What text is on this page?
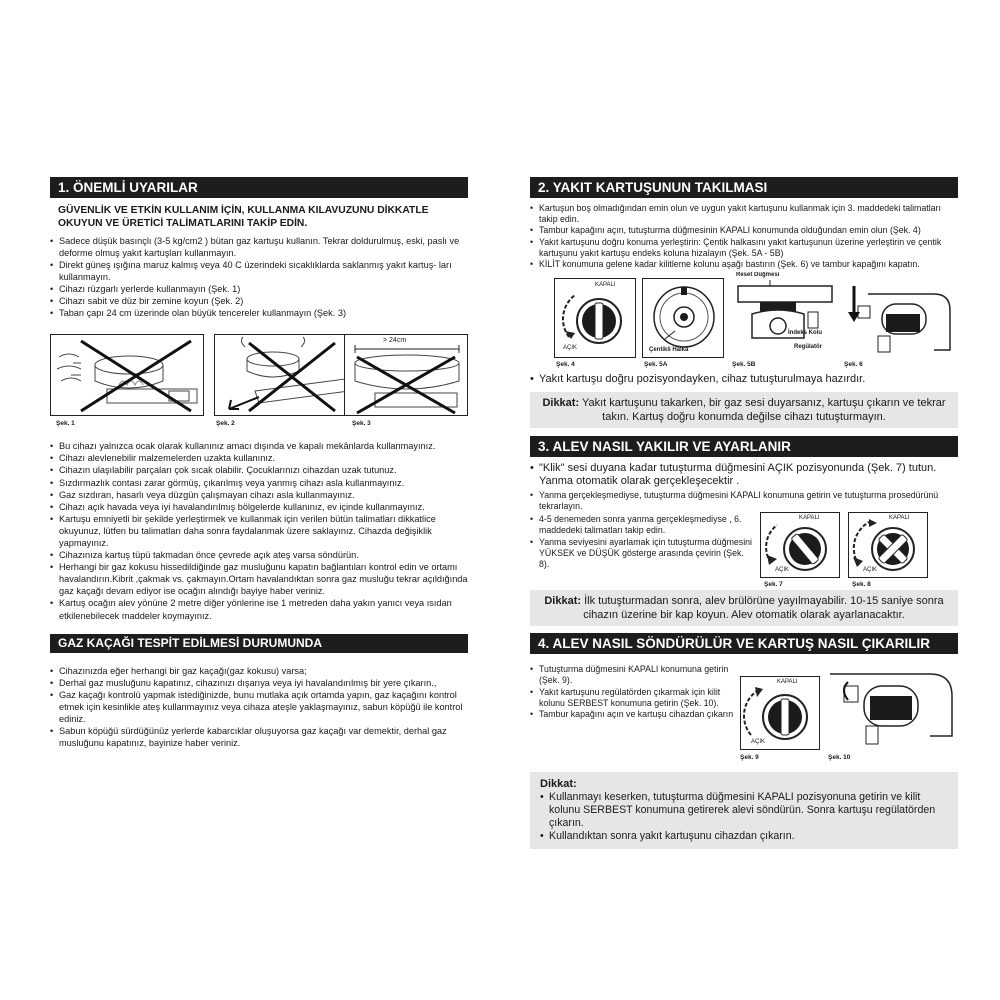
1. ÖNEMLİ UYARILAR
GÜVENLİK VE ETKİN KULLANIM İÇİN, KULLANMA KILAVUZUNU DİKKATLE
OKUYUN VE ÜRETİCİ TALİMATLARINI TAKİP EDİN.
• Sadece düşük basınçlı (3-5 kg/cm2 ) bütan gaz kartuşu kullanın. Tekrar doldurulmuş, eski, paslı ve deforme olmuş yakıt kartuşları kullanmayın.
• Direkt güneş ışığına maruz kalmış veya 40 C üzerindeki sıcaklıklarda saklanmış yakıt kartuş- ları kullanmayın.
• Cihazı rüzgarlı yerlerde kullanmayın (Şek. 1)
• Cihazı sabit ve düz bir zemine koyun (Şek. 2)
• Taban çapı 24 cm üzerinde olan büyük tencereler kullanmayın (Şek. 3)
> 24cm
Şek. 1	Şek. 2	Şek. 3
• Bu cihazı yalnızca ocak olarak kullanınız amacı dışında ve kapalı mekânlarda kullanmayınız.
• Cihazı alevlenebilir malzemelerden uzakta kullanınız.
• Cihazın ulaşılabilir parçaları çok sıcak olabilir. Çocuklarınızı cihazdan uzak tutunuz.
• Sızdırmazlık contası zarar görmüş, çıkarılmış veya yanmış cihazı asla kullanmayınız.
• Gaz sızdıran, hasarlı veya düzgün çalışmayan cihazı asla kullanmayınız.
• Cihazı açık havada veya iyi havalandırılmış bölgelerde kullanınız, ev içinde kullanmayınız.
• Kartuşu emniyetli bir şekilde yerleştirmek ve kullanmak için verilen bütün talimatları dikkatlice okuyunuz, lütfen bu talimatları daha sonra faydalanmak üzere saklayınız. Cihazda değişiklik yapmayınız.
• Cihazınıza kartuş tüpü takmadan önce çevrede açık ateş varsa söndürün.
• Herhangi bir gaz kokusu hissedildiğinde gaz musluğunu kapatın bağlantıları kontrol edin ve ortamı havalandırın.Kibrit ,çakmak vs. çakmayın.Ortam havalandıktan sonra gaz musluğu tekrar açıldığında gaz kaçağı devam ediyor ise ocağın alındığı bayiye haber veriniz.
• Kartuş ocağın alev yönüne 2 metre diğer yönlerine ise 1 metreden daha yakın yanıcı veya ısıdan etkilenebilecek maddeler koymayınız.
GAZ KAÇAĞI TESPİT EDİLMESİ DURUMUNDA
• Cihazınızda eğer herhangi bir gaz kaçağı(gaz kokusu) varsa;
• Derhal gaz musluğunu kapatınız, cihazınızı dışarıya veya iyi havalandırılmış bir yere çıkarın.,
• Gaz kaçağı kontrolü yapmak istediğinizde, bunu mutlaka açık ortamda yapın, gaz kaçağını kontrol etmek için kesinlikle ateş kullanmayınız veya cihaza ateşle yaklaşmayınız, sabun köpüğü ile kontrol ediniz.
• Sabun köpüğü sürdüğünüz yerlerde kabarcıklar oluşuyorsa gaz kaçağı var demektir, derhal gaz musluğunu kapatınız, bayinize haber veriniz.
2. YAKIT KARTUŞUNUN TAKILMASI
• Kartuşun boş olmadığından emin olun ve uygun yakıt kartuşunu kullanmak için 3. maddedeki talimatları takip edin.
• Tambur kapağını açın, tutuşturma düğmesinin KAPALI konumunda olduğundan emin olun (Şek. 4)
• Yakıt kartuşunu doğru konuma yerleştirin: Çentik halkasını yakıt kartuşunun üzerine yerleştirin ve çentik kartuşunu yakıt kartuşu endeks koluna hizalayın (Şek. 5A - 5B)
• KİLİT konumuna gelene kadar kilitleme kolunu aşağı bastırın (Şek. 6) ve tambur kapağını kapatın.
KAPALI
AÇIK	Çentikli Halka
Reset Düğmesi
İndeks Kolu
Regülatör
Şek. 4	Şek. 5A	Şek. 5B	Şek. 6
• Yakıt kartuşu doğru pozisyondayken, cihaz tutuşturulmaya hazırdır.
Dikkat: Yakıt kartuşunu takarken, bir gaz sesi duyarsanız, kartuşu çıkarın ve tekrar
takın. Kartuş doğru konumda değilse cihazı tutuşturmayın.
3. ALEV NASIL YAKILIR VE AYARLANIR
• "Klik" sesi duyana kadar tutuşturma düğmesini AÇIK pozisyonunda (Şek. 7) tutun. Yanma otomatik olarak gerçekleşecektir .
• Yanma gerçekleşmediyse, tutuşturma düğmesini KAPALI konumuna getirin ve tutuşturma prosedürünü tekrarlayın.
• 4-5 denemeden sonra yanma gerçekleşmediyse , 6. maddedeki talimatları takip edin.
• Yanma seviyesini ayarlamak için tutuşturma düğmesini YÜKSEK ve DÜŞÜK gösterge arasında çevirin (Şek. 8).
KAPALI
AÇIK
KAPALI
AÇIK
Şek. 7	Şek. 8
Dikkat: İlk tutuşturmadan sonra, alev brülörüne yayılmayabilir. 10-15 saniye sonra
cihazın üzerine bir kap koyun. Alev otomatik olarak ayarlanacaktır.
4. ALEV NASIL SÖNDÜRÜLÜR VE KARTUŞ NASIL ÇIKARILIR
• Tutuşturma düğmesini KAPALI konumuna getirin (Şek. 9).
• Yakıt kartuşunu regülatörden çıkarmak için kilit kolunu SERBEST konumuna getirin (Şek. 10).
• Tambur kapağını açın ve kartuşu cihazdan çıkarın
KAPALI
AÇIK
Şek. 9	Şek. 10
Dikkat:
• Kullanmayı keserken, tutuşturma düğmesini KAPALI pozisyonuna getirin ve kilit kolunu SERBEST konumuna getirerek alevi söndürün. Sonra kartuşu regülatörden çıkarın.
• Kullandıktan sonra yakıt kartuşunu cihazdan çıkarın.
